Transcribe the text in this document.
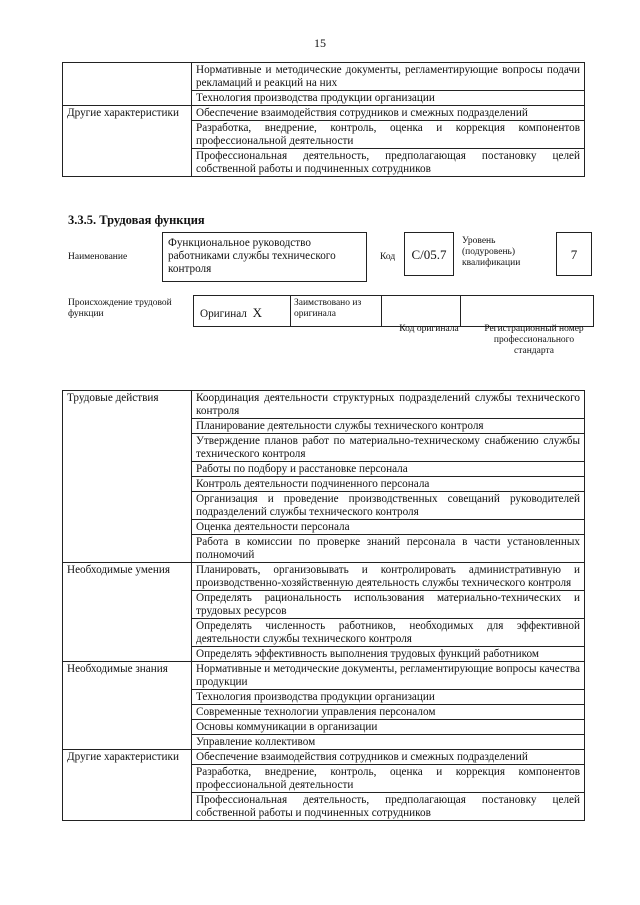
15
	Нормативные и методические документы, регламентирующие вопросы подачи рекламаций и реакций на них
	Технология производства продукции организации
Другие характеристики	Обеспечение взаимодействия сотрудников и смежных подразделений
	Разработка, внедрение, контроль, оценка и коррекция компонентов профессиональной деятельности
	Профессиональная деятельность, предполагающая постановку целей собственной работы и подчиненных сотрудников
3.3.5. Трудовая функция
Наименование
Функциональное руководство работниками службы технического контроля
Код	С/05.7
Уровень (подуровень) квалификации
7
Происхождение трудовой функции	Оригинал X
Заимствовано из оригинала
Код оригинала	Регистрационный номер профессионального стандарта
Трудовые действия	Координация деятельности структурных подразделений службы технического контроля
	Планирование деятельности службы технического контроля
	Утверждение планов работ по материально-техническому снабжению службы технического контроля
	Работы по подбору и расстановке персонала
	Контроль деятельности подчиненного персонала
	Организация и проведение производственных совещаний руководителей подразделений службы технического контроля
	Оценка деятельности персонала
	Работа в комиссии по проверке знаний персонала в части установленных полномочий
Необходимые умения	Планировать, организовывать и контролировать административную и производственно-хозяйственную деятельность службы технического контроля
	Определять рациональность использования материально-технических и трудовых ресурсов
	Определять численность работников, необходимых для эффективной деятельности службы технического контроля
	Определять эффективность выполнения трудовых функций работником
Необходимые знания	Нормативные и методические документы, регламентирующие вопросы качества продукции
	Технология производства продукции организации
	Современные технологии управления персоналом
	Основы коммуникации в организации
	Управление коллективом
Другие характеристики	Обеспечение взаимодействия сотрудников и смежных подразделений
	Разработка, внедрение, контроль, оценка и коррекция компонентов профессиональной деятельности
	Профессиональная деятельность, предполагающая постановку целей собственной работы и подчиненных сотрудников
